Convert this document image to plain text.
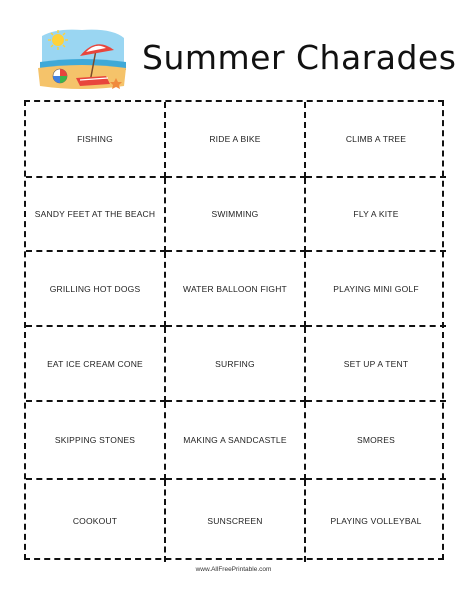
Summer Charades
FISHING	RIDE A BIKE	CLIMB A TREE
SANDY FEET AT THE BEACH	SWIMMING	FLY A KITE
GRILLING HOT DOGS	WATER BALLOON FIGHT	PLAYING MINI GOLF
EAT ICE CREAM CONE	SURFING	SET UP A TENT
SKIPPING STONES	MAKING A SANDCASTLE	SMORES
COOKOUT	SUNSCREEN	PLAYING VOLLEYBAL
www.AllFreePrintable.com
